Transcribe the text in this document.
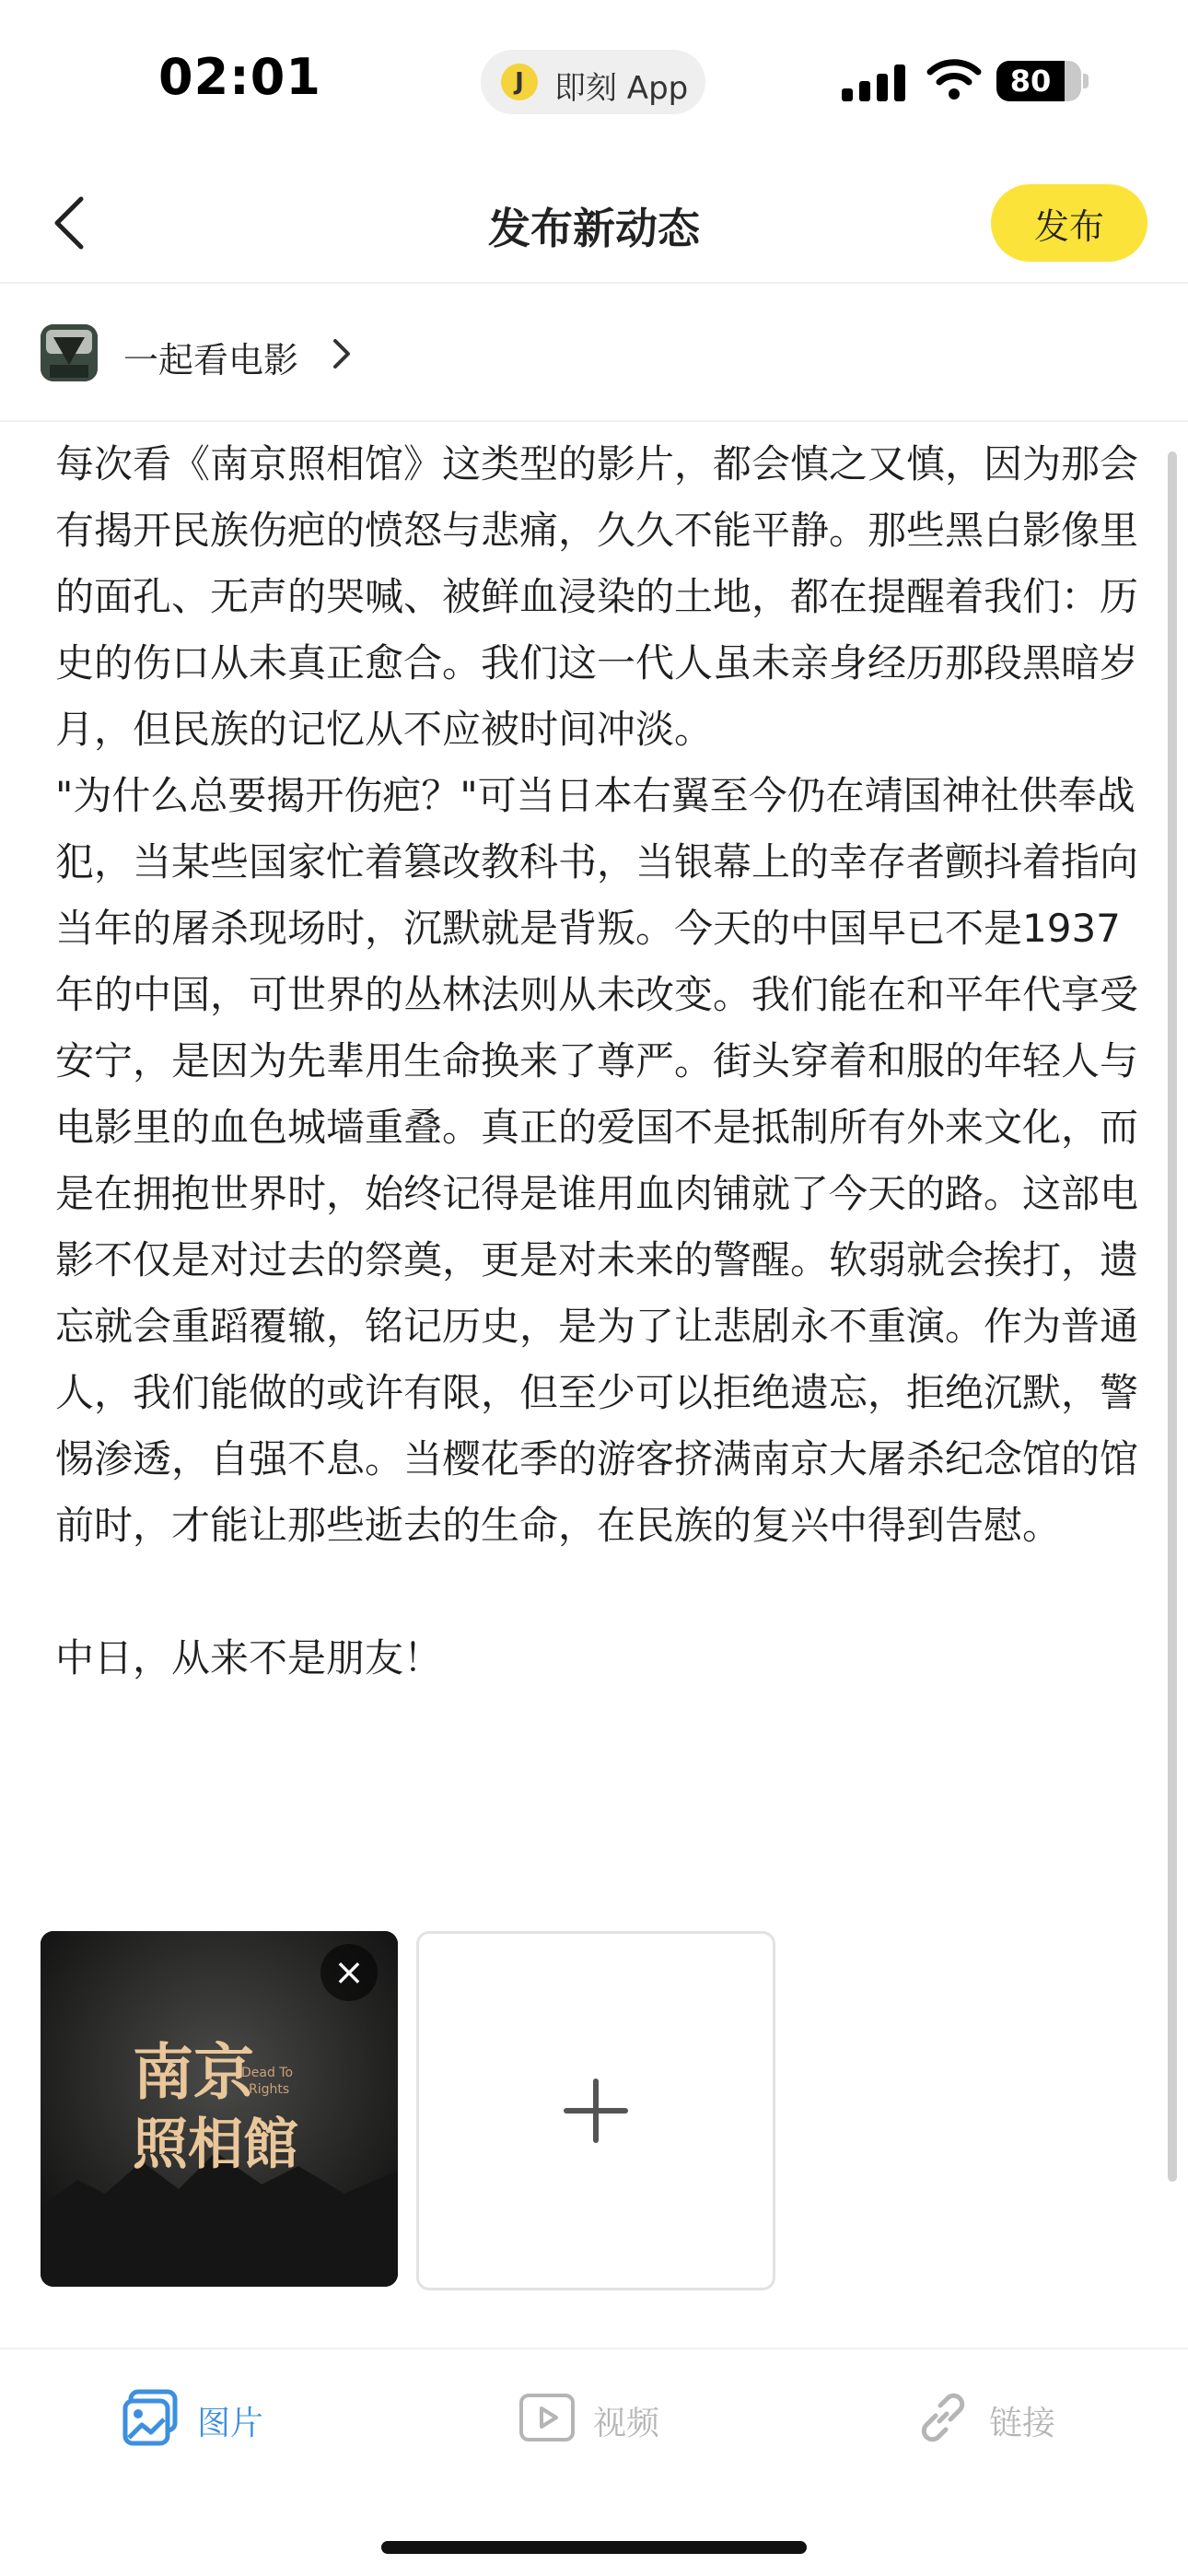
02:01	J 即刻 App	80
发布新动态	发布
一起看电影
每次看《南京照相馆》这类型的影片，都会慎之又慎，因为那会有揭开民族伤疤的愤怒与悲痛，久久不能平静。那些黑白影像里的面孔、无声的哭喊、被鲜血浸染的土地，都在提醒着我们：历史的伤口从未真正愈合。我们这一代人虽未亲身经历那段黑暗岁月，但民族的记忆从不应被时间冲淡。
"为什么总要揭开伤疤？"可当日本右翼至今仍在靖国神社供奉战犯，当某些国家忙着篡改教科书，当银幕上的幸存者颤抖着指向当年的屠杀现场时，沉默就是背叛。今天的中国早已不是1937年的中国，可世界的丛林法则从未改变。我们能在和平年代享受安宁，是因为先辈用生命换来了尊严。街头穿着和服的年轻人与电影里的血色城墙重叠。真正的爱国不是抵制所有外来文化，而是在拥抱世界时，始终记得是谁用血肉铺就了今天的路。这部电影不仅是对过去的祭奠，更是对未来的警醒。软弱就会挨打，遗忘就会重蹈覆辙，铭记历史，是为了让悲剧永不重演。作为普通人，我们能做的或许有限，但至少可以拒绝遗忘，拒绝沉默，警惕渗透，自强不息。当樱花季的游客挤满南京大屠杀纪念馆的馆前时，才能让那些逝去的生命，在民族的复兴中得到告慰。

中日，从来不是朋友！
南京
照相館
Dead To
Rights
×
图片	视频	链接
